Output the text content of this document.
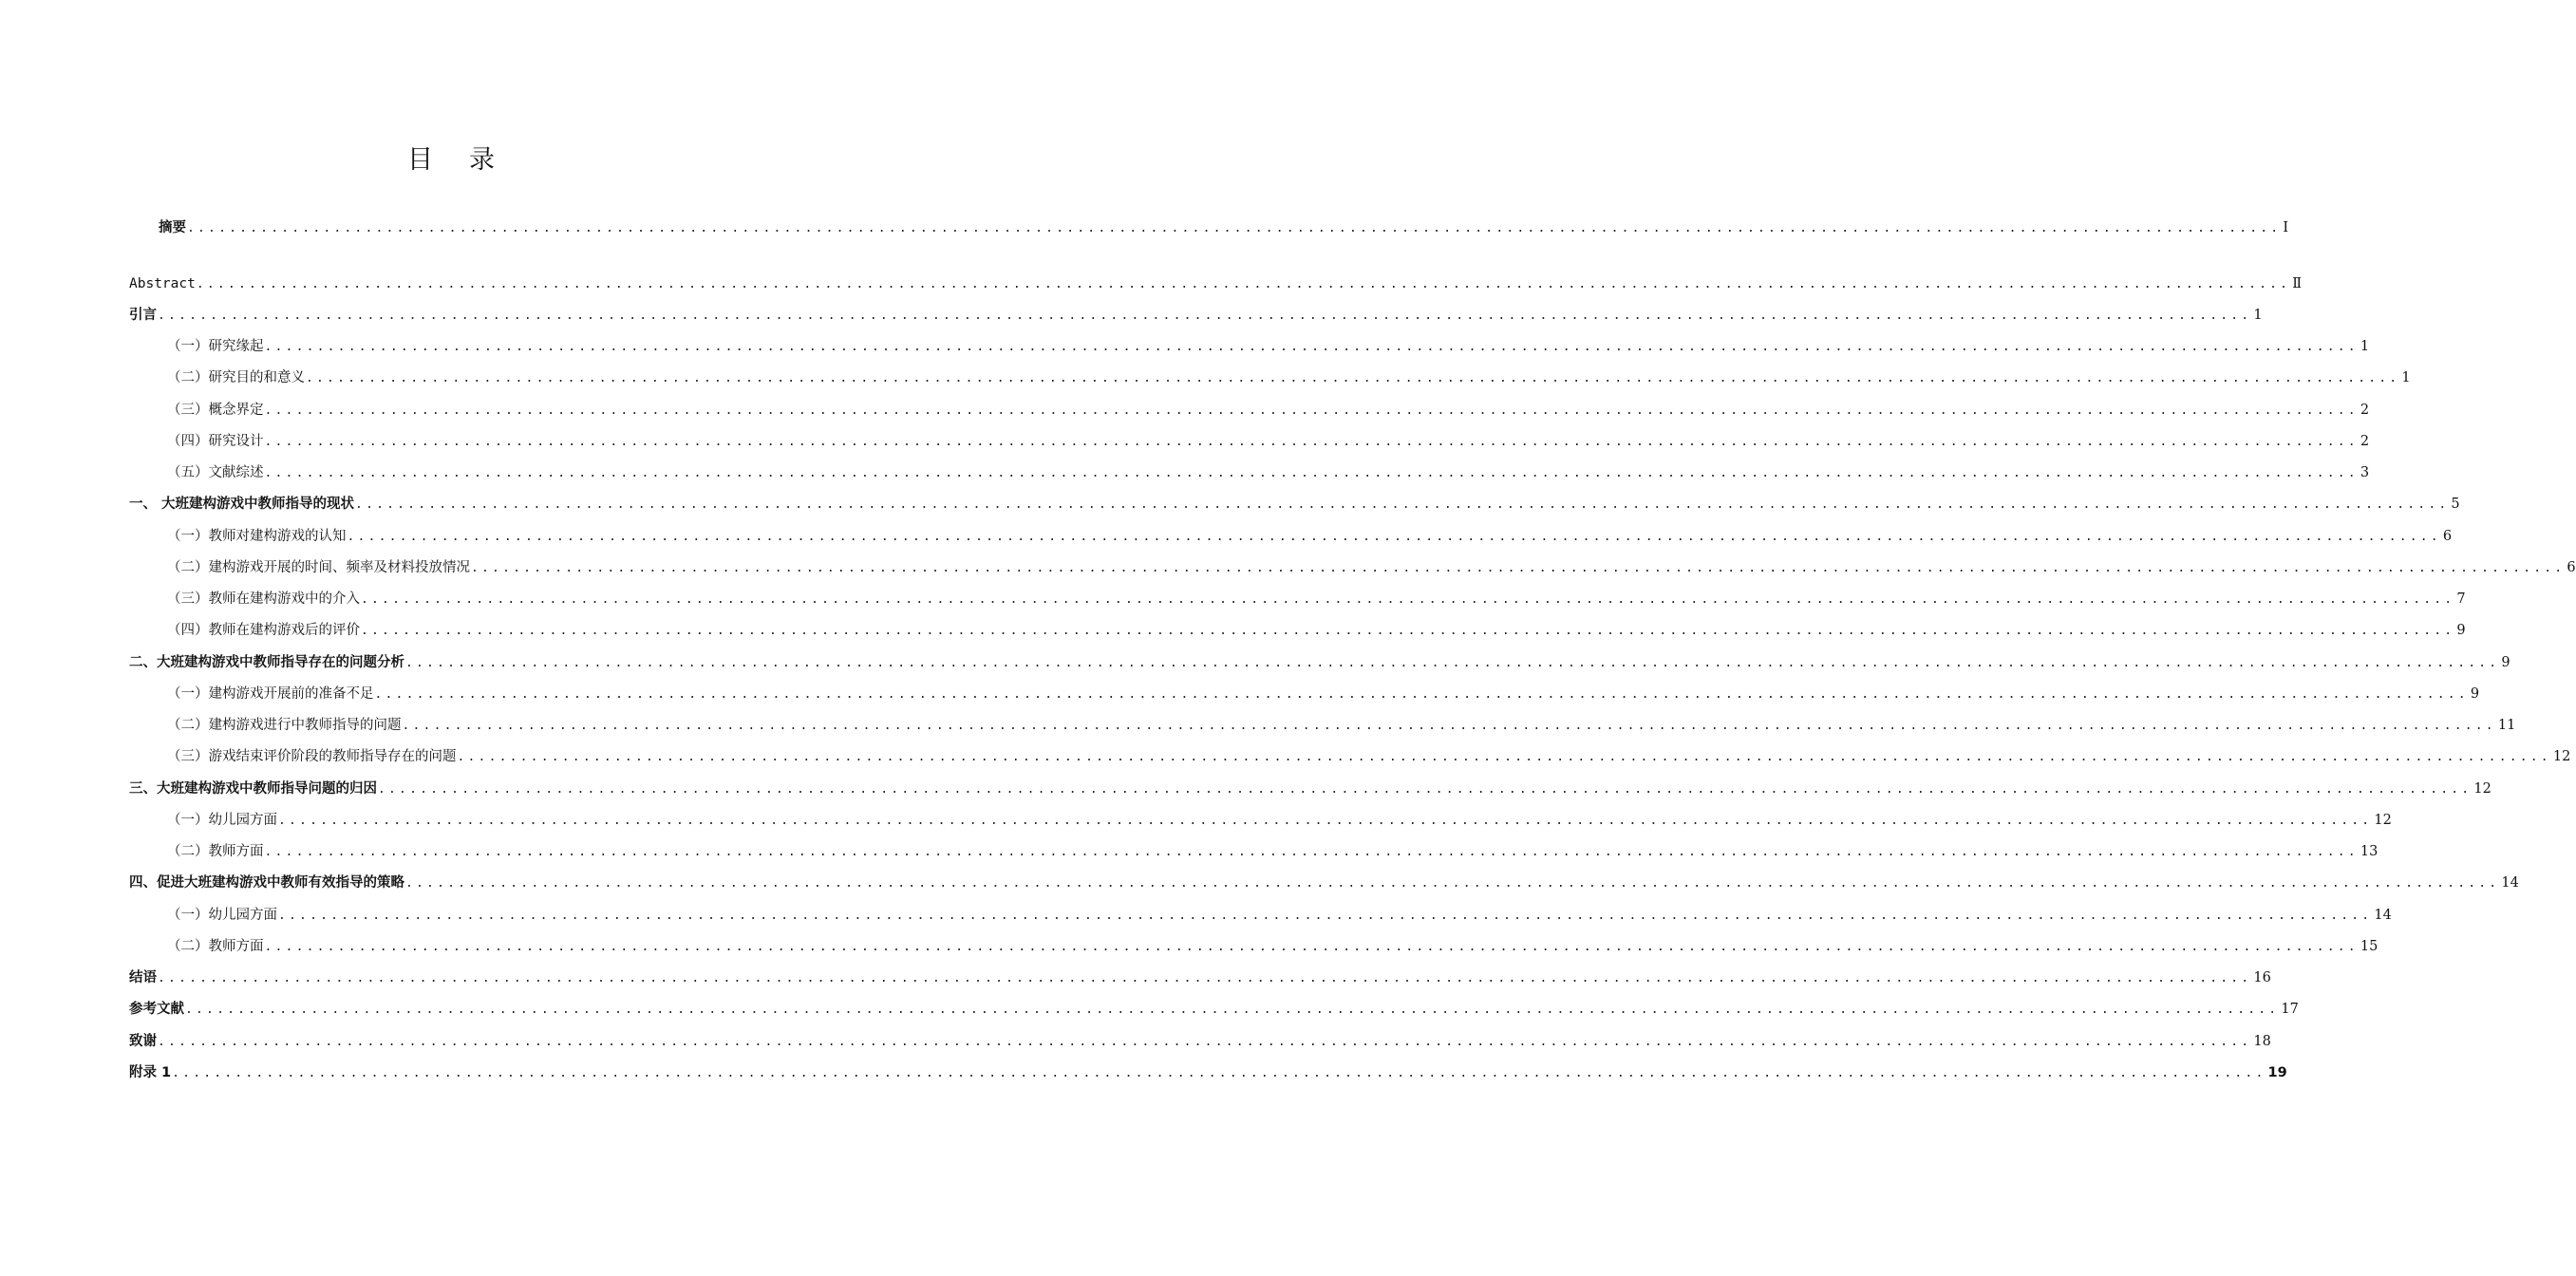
目 录
摘要 ........................................................................................................................................................................................................ Ⅰ
Abstract ........................................................................................................................................................................................................ Ⅱ
引言 ........................................................................................................................................................................................................ 1
（一）研究缘起 ........................................................................................................................................................................................................ 1
（二）研究目的和意义 ........................................................................................................................................................................................................ 1
（三）概念界定 ........................................................................................................................................................................................................ 2
（四）研究设计 ........................................................................................................................................................................................................ 2
（五）文献综述 ........................................................................................................................................................................................................ 3
一、 大班建构游戏中教师指导的现状 ........................................................................................................................................................................................................ 5
（一）教师对建构游戏的认知 ........................................................................................................................................................................................................ 6
（二）建构游戏开展的时间、频率及材料投放情况 ........................................................................................................................................................................................................ 6
（三）教师在建构游戏中的介入 ........................................................................................................................................................................................................ 7
（四）教师在建构游戏后的评价 ........................................................................................................................................................................................................ 9
二、大班建构游戏中教师指导存在的问题分析 ........................................................................................................................................................................................................ 9
（一）建构游戏开展前的准备不足 ........................................................................................................................................................................................................ 9
（二）建构游戏进行中教师指导的问题 ........................................................................................................................................................................................................ 11
（三）游戏结束评价阶段的教师指导存在的问题 ........................................................................................................................................................................................................ 12
三、大班建构游戏中教师指导问题的归因 ........................................................................................................................................................................................................ 12
（一）幼儿园方面 ........................................................................................................................................................................................................ 12
（二）教师方面 ........................................................................................................................................................................................................ 13
四、促进大班建构游戏中教师有效指导的策略 ........................................................................................................................................................................................................ 14
（一）幼儿园方面 ........................................................................................................................................................................................................ 14
（二）教师方面 ........................................................................................................................................................................................................ 15
结语 ........................................................................................................................................................................................................ 16
参考文献 ........................................................................................................................................................................................................ 17
致谢 ........................................................................................................................................................................................................ 18
附录 1 ........................................................................................................................................................................................................ 19
